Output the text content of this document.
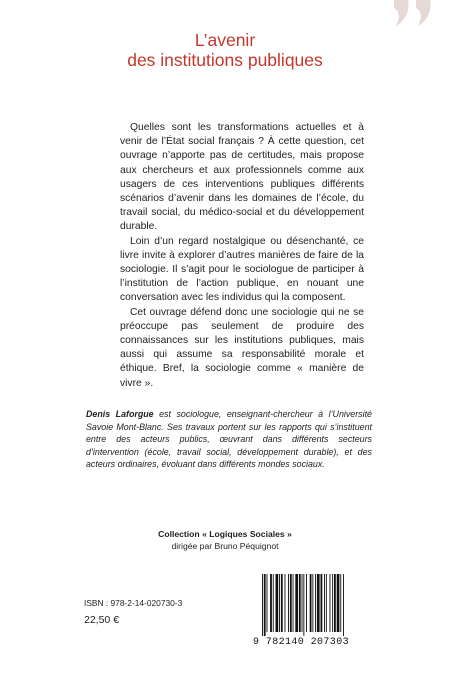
L’avenir
des institutions publiques

Quelles sont les transformations actuelles et à venir de l’État social français ? À cette question, cet ouvrage n’apporte pas de certitudes, mais propose aux chercheurs et aux professionnels comme aux usagers de ces interventions publiques différents scénarios d’avenir dans les domaines de l’école, du travail social, du médico-social et du développement durable.

Loin d’un regard nostalgique ou désenchanté, ce livre invite à explorer d’autres manières de faire de la sociologie. Il s’agit pour le sociologue de participer à l’institution de l’action publique, en nouant une conversation avec les individus qui la composent.

Cet ouvrage défend donc une sociologie qui ne se préoccupe pas seulement de produire des connaissances sur les institutions publiques, mais aussi qui assume sa responsabilité morale et éthique. Bref, la sociologie comme « manière de vivre ».

Denis Laforgue est sociologue, enseignant-chercheur à l’Université Savoie Mont-Blanc. Ses travaux portent sur les rapports qui s’instituent entre des acteurs publics, œuvrant dans différents secteurs d’intervention (école, travail social, développement durable), et des acteurs ordinaires, évoluant dans différents mondes sociaux.
Collection « Logiques Sociales »
dirigée par Bruno Péquignot
ISBN : 978-2-14-020730-3
22,50 €
9 782140 207303
